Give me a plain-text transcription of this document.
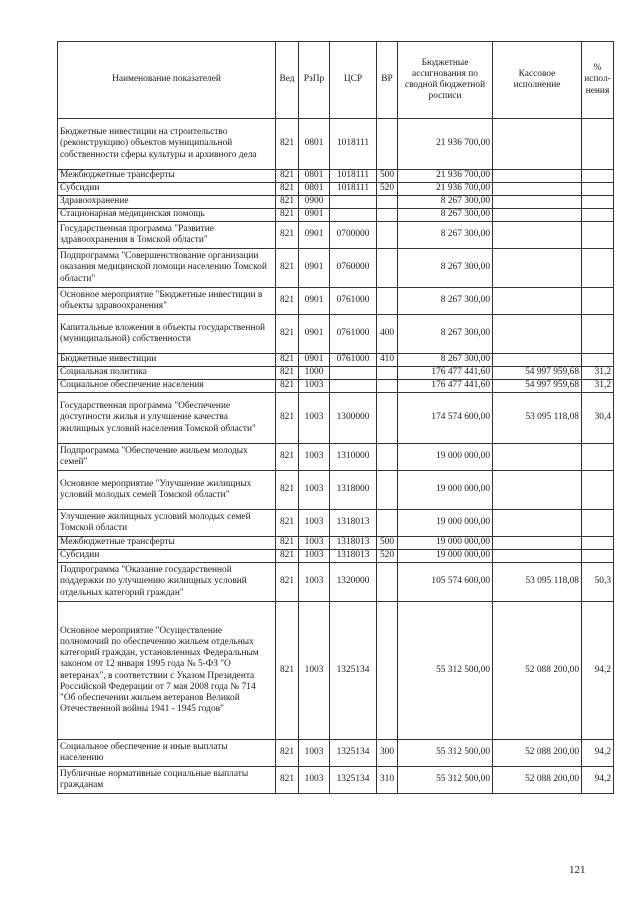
Наименование показателей	Вед	РзПр	ЦСР	ВР	Бюджетные ассигнования по сводной бюджетной росписи	Кассовое исполнение	% испол-нения
Бюджетные инвестиции на строительство (реконструкцию) объектов муниципальной собственности сферы культуры и архивного дела	821	0801	1018111		21 936 700,00		
Межбюджетные трансферты	821	0801	1018111	500	21 936 700,00		
Субсидии	821	0801	1018111	520	21 936 700,00		
Здравоохранение	821	0900			8 267 300,00		
Стационарная медицинская помощь	821	0901			8 267 300,00		
Государственная программа "Развитие здравоохранения в Томской области"	821	0901	0700000		8 267 300,00		
Подпрограмма "Совершенствование организации оказания медицинской помощи населению Томской области"	821	0901	0760000		8 267 300,00		
Основное мероприятие "Бюджетные инвестиции в объекты здравоохранения"	821	0901	0761000		8 267 300,00		
Капитальные вложения в объекты государственной (муниципальной) собственности	821	0901	0761000	400	8 267 300,00		
Бюджетные инвестиции	821	0901	0761000	410	8 267 300,00		
Социальная политика	821	1000			176 477 441,60	54 997 959,68	31,2
Социальное обеспечение населения	821	1003			176 477 441,60	54 997 959,68	31,2
Государственная программа "Обеспечение доступности жилья и улучшение качества жилищных условий населения Томской области"	821	1003	1300000		174 574 600,00	53 095 118,08	30,4
Подпрограмма "Обеспечение жильем молодых семей"	821	1003	1310000		19 000 000,00		
Основное мероприятие "Улучшение жилищных условий молодых семей Томской области"	821	1003	1318000		19 000 000,00		
Улучшение жилищных условий молодых семей Томской области	821	1003	1318013		19 000 000,00		
Межбюджетные трансферты	821	1003	1318013	500	19 000 000,00		
Субсидии	821	1003	1318013	520	19 000 000,00		
Подпрограмма "Оказание государственной поддержки по улучшению жилищных условий отдельных категорий граждан"	821	1003	1320000		105 574 600,00	53 095 118,08	50,3
Основное мероприятие "Осуществление полномочий по обеспечению жильем отдельных категорий граждан, установленных Федеральным законом от 12 января 1995 года № 5-ФЗ "О ветеранах", в соответствии с Указом Президента Российской Федерации от 7 мая 2008 года № 714 "Об обеспечении жильем ветеранов Великой Отечественной войны 1941 - 1945 годов"	821	1003	1325134		55 312 500,00	52 088 200,00	94,2
Социальное обеспечение и иные выплаты населению	821	1003	1325134	300	55 312 500,00	52 088 200,00	94,2
Публичные нормативные социальные выплаты гражданам	821	1003	1325134	310	55 312 500,00	52 088 200,00	94,2
121
